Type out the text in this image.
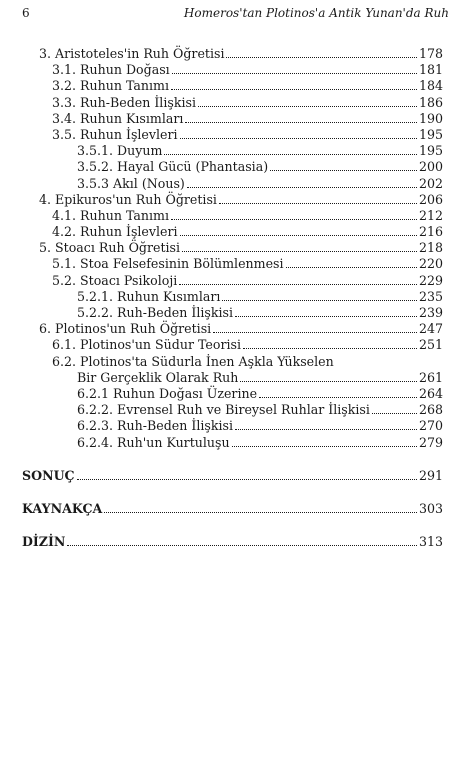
6	Homeros'tan Plotinos'a Antik Yunan'da Ruh
3. Aristoteles'in Ruh Öğretisi	178
3.1. Ruhun Doğası	181
3.2. Ruhun Tanımı	184
3.3. Ruh-Beden İlişkisi	186
3.4. Ruhun Kısımları	190
3.5. Ruhun İşlevleri	195
3.5.1. Duyum	195
3.5.2. Hayal Gücü (Phantasia)	200
3.5.3 Akıl (Nous)	202
4. Epikuros'un Ruh Öğretisi	206
4.1. Ruhun Tanımı	212
4.2. Ruhun İşlevleri	216
5. Stoacı Ruh Öğretisi	218
5.1. Stoa Felsefesinin Bölümlenmesi	220
5.2. Stoacı Psikoloji	229
5.2.1. Ruhun Kısımları	235
5.2.2. Ruh-Beden İlişkisi	239
6. Plotinos'un Ruh Öğretisi	247
6.1. Plotinos'un Südur Teorisi	251
6.2. Plotinos'ta Südurla İnen Aşkla Yükselen
Bir Gerçeklik Olarak Ruh	261
6.2.1 Ruhun Doğası Üzerine	264
6.2.2. Evrensel Ruh ve Bireysel Ruhlar İlişkisi	268
6.2.3. Ruh-Beden İlişkisi	270
6.2.4. Ruh'un Kurtuluşu	279
SONUÇ	291
KAYNAKÇA	303
DİZİN	313
